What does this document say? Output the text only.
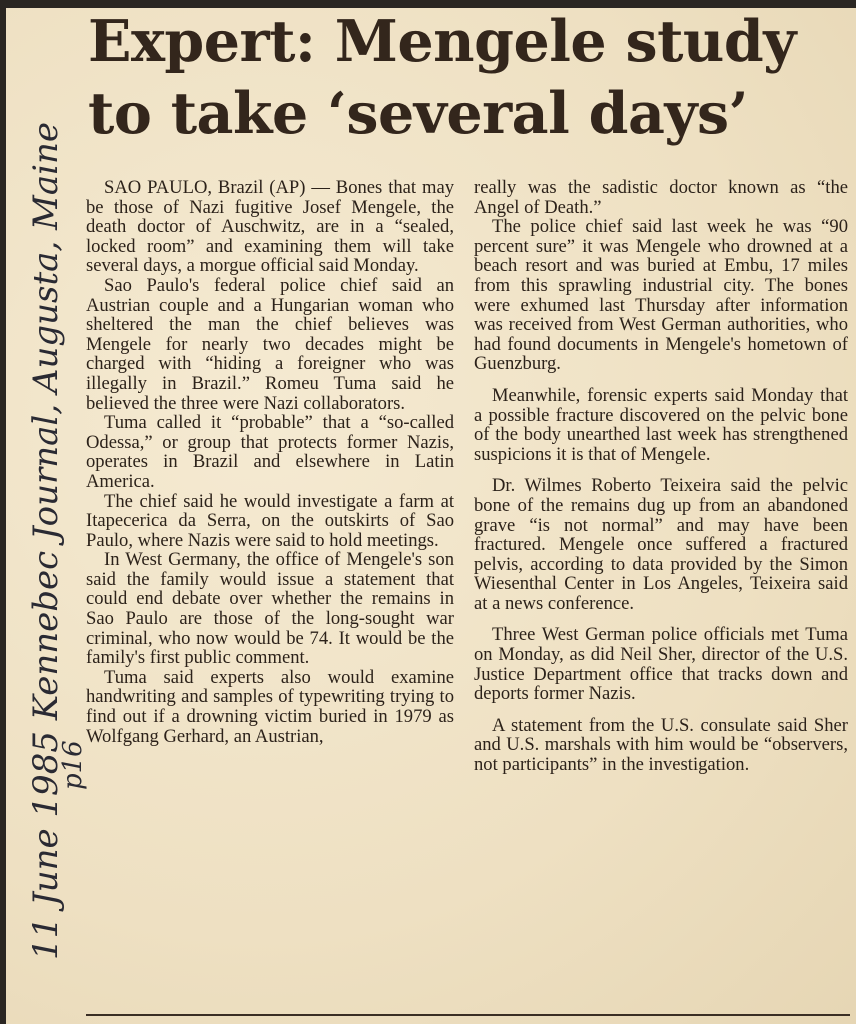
Expert: Mengele study
to take ‘several days’
11 June 1985 Kennebec Journal, Augusta, Maine
p16

SAO PAULO, Brazil (AP) — Bones that may be those of Nazi fugitive Josef Mengele, the death doctor of Auschwitz, are in a “sealed, locked room” and examining them will take several days, a morgue official said Monday.

Sao Paulo's federal police chief said an Austrian couple and a Hungarian woman who sheltered the man the chief believes was Mengele for nearly two decades might be charged with “hiding a foreigner who was illegally in Brazil.” Romeu Tuma said he believed the three were Nazi collaborators.

Tuma called it “probable” that a “so-called Odessa,” or group that protects former Nazis, operates in Brazil and elsewhere in Latin America.

The chief said he would investigate a farm at Itapecerica da Serra, on the outskirts of Sao Paulo, where Nazis were said to hold meetings.

In West Germany, the office of Mengele's son said the family would issue a statement that could end debate over whether the remains in Sao Paulo are those of the long-sought war criminal, who now would be 74. It would be the family's first public comment.

Tuma said experts also would examine handwriting and samples of typewriting trying to find out if a drowning victim buried in 1979 as Wolfgang Gerhard, an Austrian,

really was the sadistic doctor known as “the Angel of Death.”

The police chief said last week he was “90 percent sure” it was Mengele who drowned at a beach resort and was buried at Embu, 17 miles from this sprawling industrial city. The bones were exhumed last Thursday after information was received from West German authorities, who had found documents in Mengele's hometown of Guenzburg.

Meanwhile, forensic experts said Monday that a possible fracture discovered on the pelvic bone of the body unearthed last week has strengthened suspicions it is that of Mengele.

Dr. Wilmes Roberto Teixeira said the pelvic bone of the remains dug up from an abandoned grave “is not normal” and may have been fractured. Mengele once suffered a fractured pelvis, according to data provided by the Simon Wiesenthal Center in Los Angeles, Teixeira said at a news conference.

Three West German police officials met Tuma on Monday, as did Neil Sher, director of the U.S. Justice Department office that tracks down and deports former Nazis.

A statement from the U.S. consulate said Sher and U.S. marshals with him would be “observers, not participants” in the investigation.
